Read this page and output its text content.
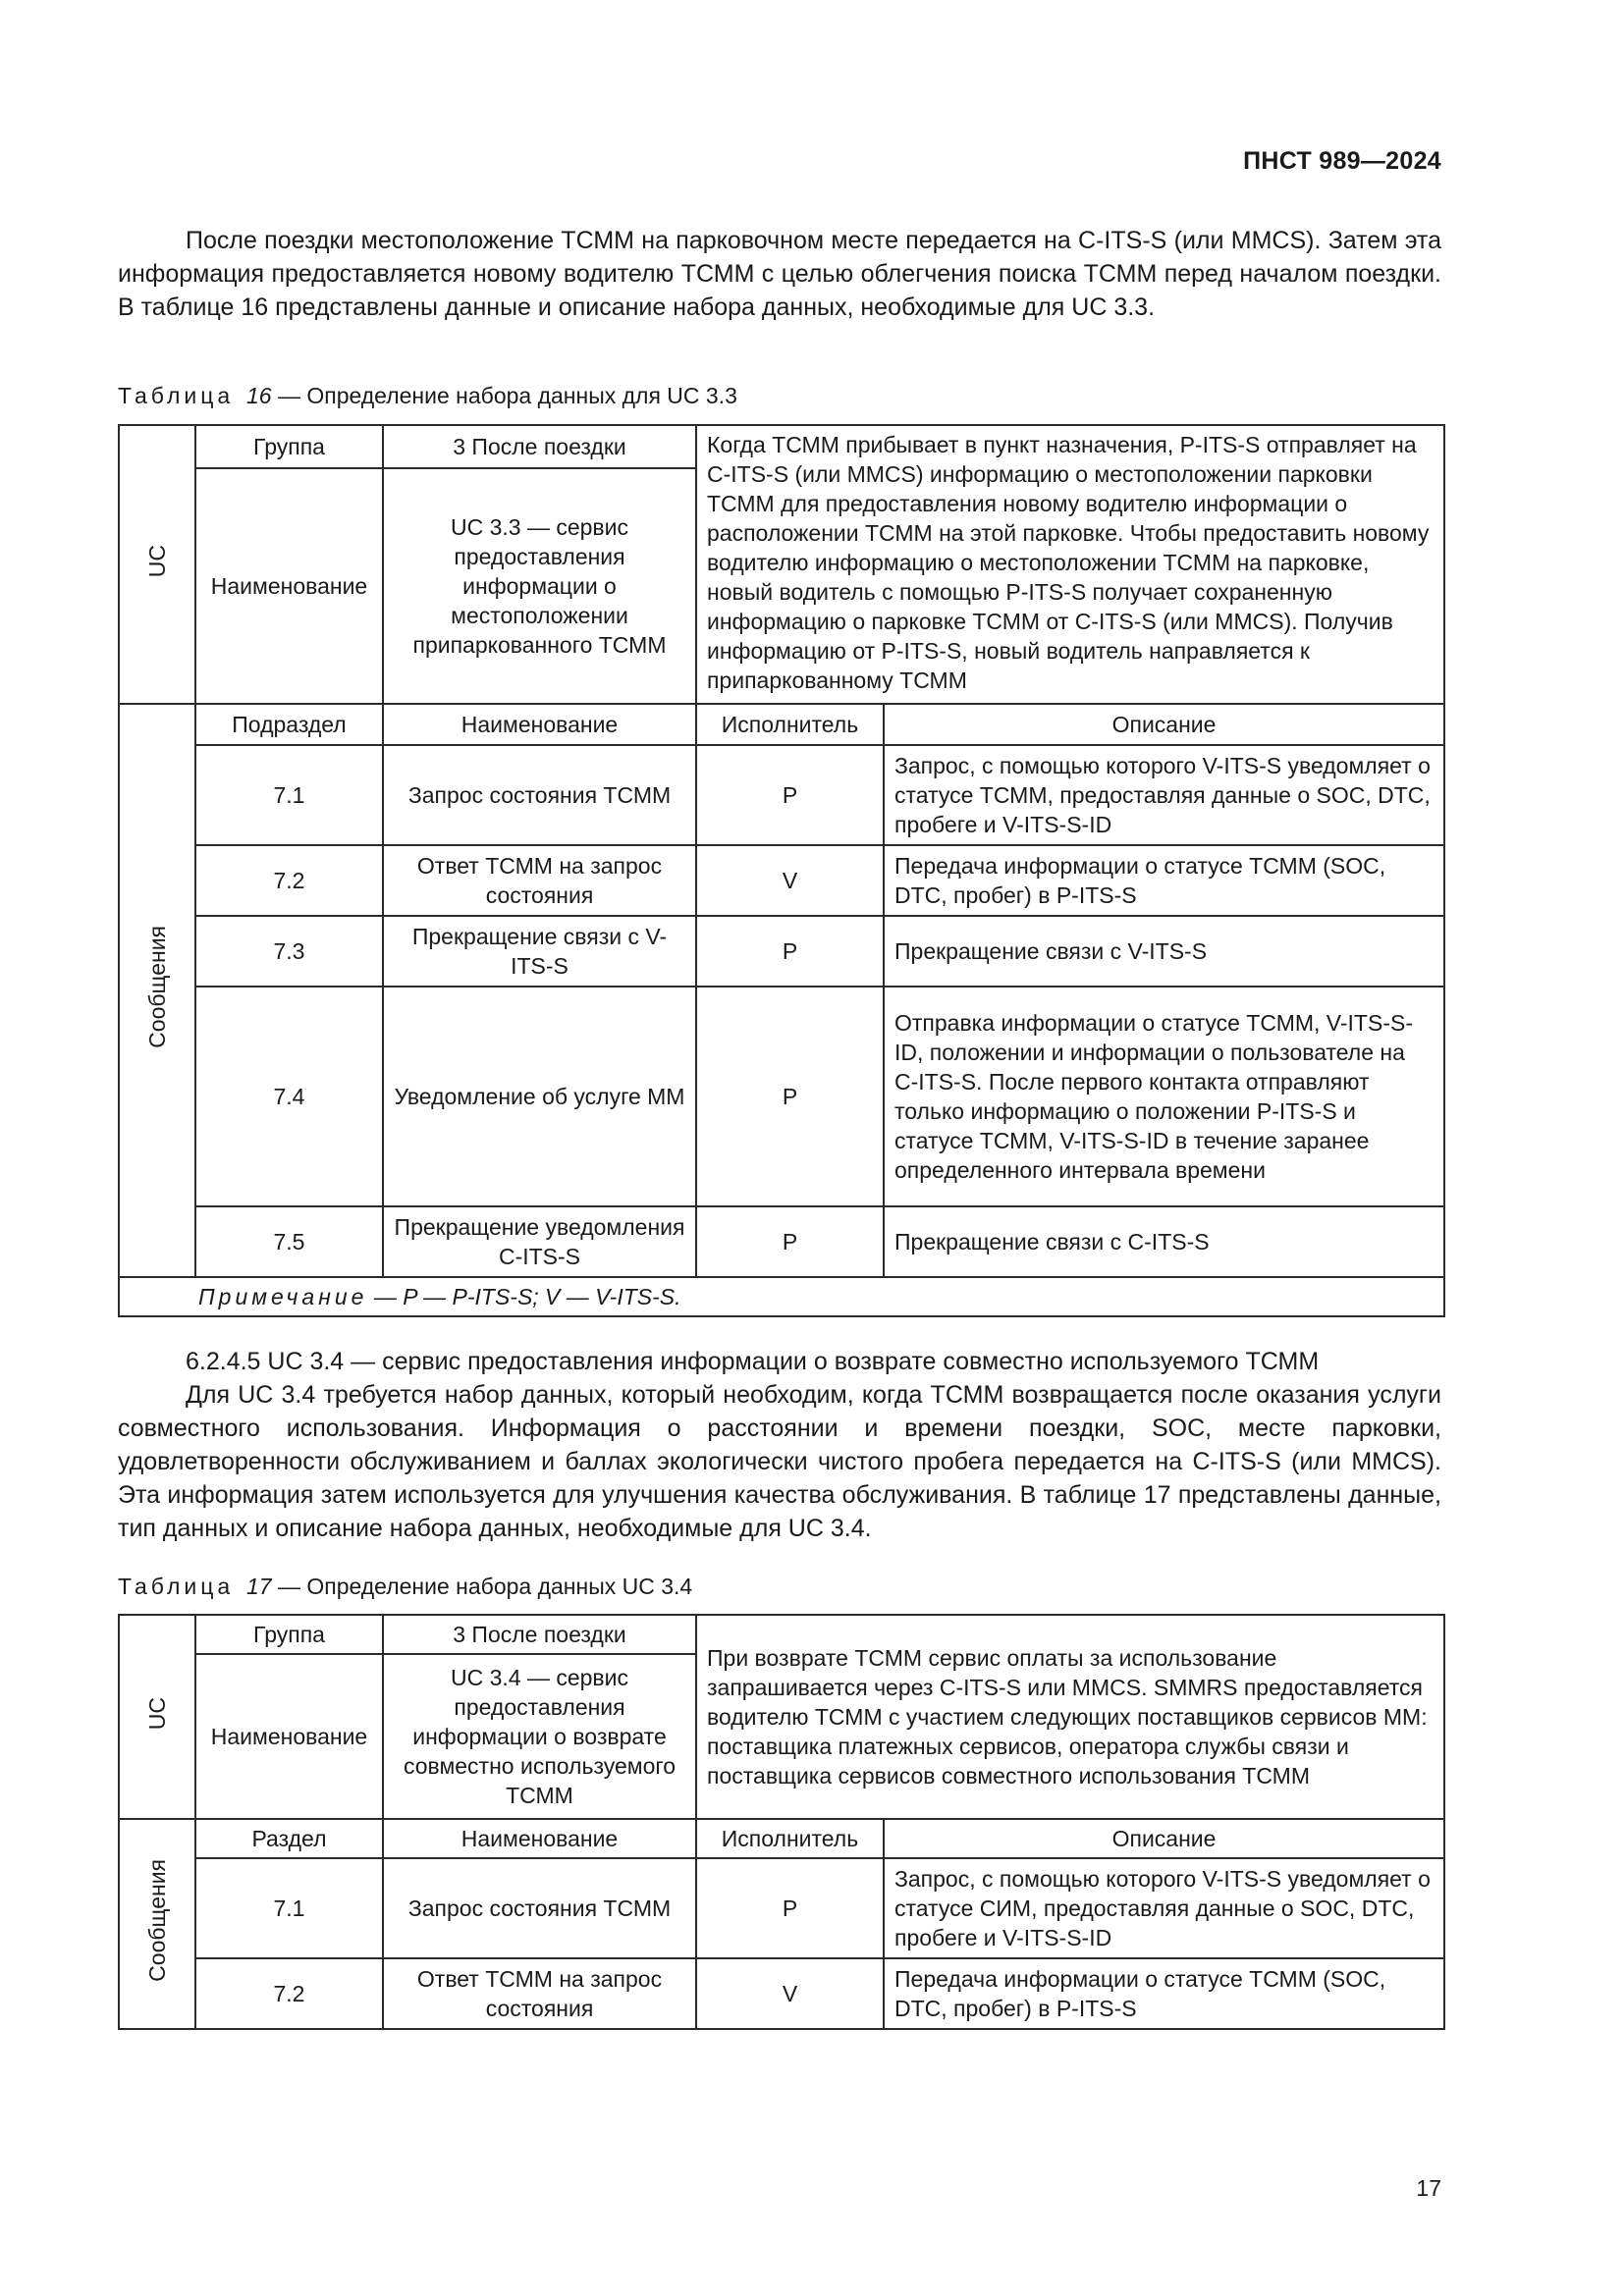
ПНСТ 989—2024

После поездки местоположение ТСММ на парковочном месте передается на C-ITS-S (или MMCS). Затем эта информация предоставляется новому водителю ТСММ с целью облегчения поиска ТСММ перед началом поездки. В таблице 16 представлены данные и описание набора данных, необходимые для UC 3.3.

Таблица 16 — Определение набора данных для UC 3.3
UC	Группа	3 После поездки	Когда ТСММ прибывает в пункт назначения, P-ITS-S отправляет на C-ITS-S (или MMCS) информацию о местоположении парковки ТСММ для предоставления новому водителю информации о расположении ТСММ на этой парковке. Чтобы предоставить новому водителю информацию о местоположении ТСММ на парковке, новый водитель с помощью P-ITS-S получает сохраненную информацию о парковке ТСММ от C-ITS-S (или MMCS). Получив информацию от P-ITS-S, новый водитель направляется к припаркованному ТСММ	
	Наименование	UC 3.3 — сервис предоставления информации о местоположении припаркованного ТСММ		
Сообщения	Подраздел	Наименование	Исполнитель	Описание
	7.1	Запрос состояния ТСММ	P	Запрос, с помощью которого V-ITS-S уведомляет о статусе ТСММ, предоставляя данные о SOC, DTC, пробеге и V-ITS-S-ID
	7.2	Ответ ТСММ на запрос состояния	V	Передача информации о статусе ТСММ (SOC, DTC, пробег) в P-ITS-S
	7.3	Прекращение связи с V-ITS-S	P	Прекращение связи с V-ITS-S
	7.4	Уведомление об услуге ММ	P	Отправка информации о статусе ТСММ, V-ITS-S-ID, положении и информации о пользователе на C-ITS-S. После первого контакта отправляют только информацию о положении P-ITS-S и статусе ТСММ, V-ITS-S-ID в течение заранее определенного интервала времени
	7.5	Прекращение уведомления C-ITS-S	P	Прекращение связи с C-ITS-S
Примечание — P — P-ITS-S; V — V-ITS-S.				

6.2.4.5 UC 3.4 — сервис предоставления информации о возврате совместно используемого ТСММ

Для UC 3.4 требуется набор данных, который необходим, когда ТСММ возвращается после оказания услуги совместного использования. Информация о расстоянии и времени поездки, SOC, месте парковки, удовлетворенности обслуживанием и баллах экологически чистого пробега передается на C-ITS-S (или MMCS). Эта информация затем используется для улучшения качества обслуживания. В таблице 17 представлены данные, тип данных и описание набора данных, необходимые для UC 3.4.

Таблица 17 — Определение набора данных UC 3.4
UC	Группа	3 После поездки	При возврате ТСММ сервис оплаты за использование запрашивается через C-ITS-S или MMCS. SMMRS предоставляется водителю ТСММ с участием следующих поставщиков сервисов ММ: поставщика платежных сервисов, оператора службы связи и поставщика сервисов совместного использования ТСММ	
	Наименование	UC 3.4 — сервис предоставления информации о возврате совместно используемого ТСММ		
Сообщения	Раздел	Наименование	Исполнитель	Описание
	7.1	Запрос состояния ТСММ	P	Запрос, с помощью которого V-ITS-S уведомляет о статусе СИМ, предоставляя данные о SOC, DTC, пробеге и V-ITS-S-ID
	7.2	Ответ ТСММ на запрос состояния	V	Передача информации о статусе ТСММ (SOC, DTC, пробег) в P-ITS-S
17
